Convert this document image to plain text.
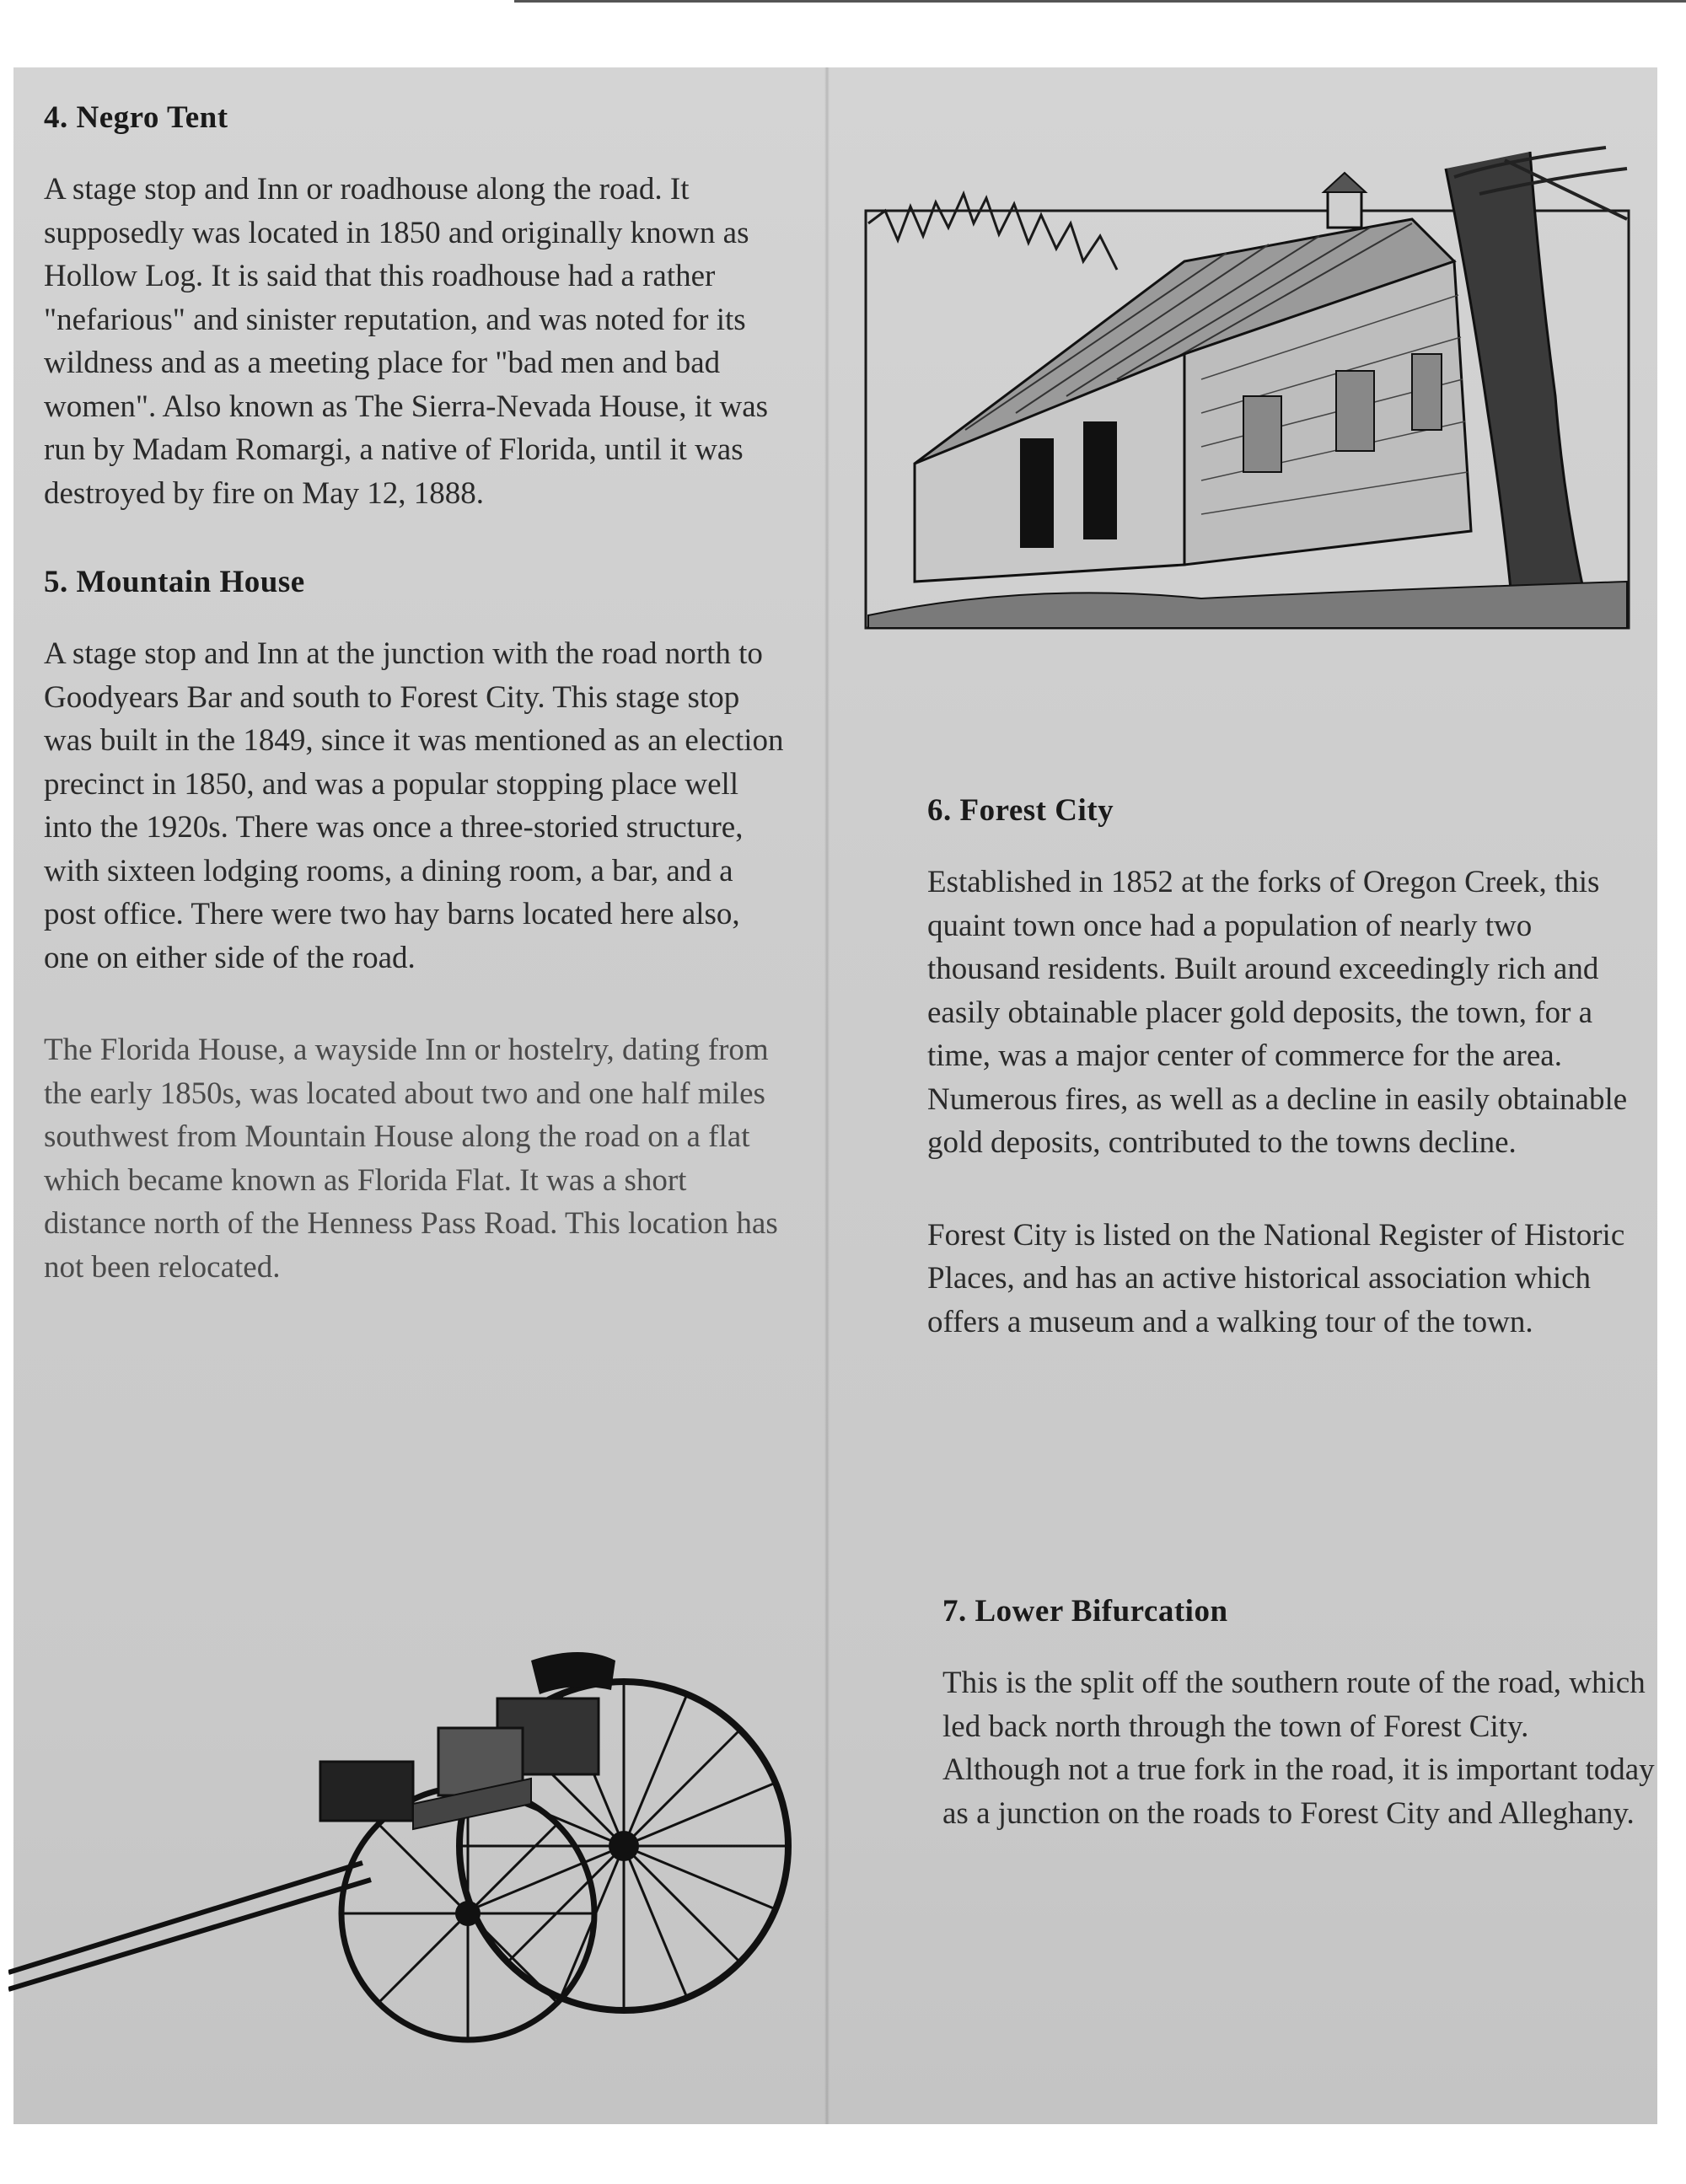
4. Negro Tent

A stage stop and Inn or roadhouse along the road. It supposedly was located in 1850 and originally known as Hollow Log. It is said that this roadhouse had a rather "nefarious" and sinister reputation, and was noted for its wildness and as a meeting place for "bad men and bad women". Also known as The Sierra-Nevada House, it was run by Madam Romargi, a native of Florida, until it was destroyed by fire on May 12, 1888.

5. Mountain House

A stage stop and Inn at the junction with the road north to Goodyears Bar and south to Forest City. This stage stop was built in the 1849, since it was mentioned as an election precinct in 1850, and was a popular stopping place well into the 1920s. There was once a three-storied structure, with sixteen lodging rooms, a dining room, a bar, and a post office. There were two hay barns located here also, one on either side of the road.

The Florida House, a wayside Inn or hostelry, dating from the early 1850s, was located about two and one half miles southwest from Mountain House along the road on a flat which became known as Florida Flat. It was a short distance north of the Henness Pass Road. This location has not been relocated.

6. Forest City

Established in 1852 at the forks of Oregon Creek, this quaint town once had a population of nearly two thousand residents. Built around exceedingly rich and easily obtainable placer gold deposits, the town, for a time, was a major center of commerce for the area. Numerous fires, as well as a decline in easily obtainable gold deposits, contributed to the towns decline.

Forest City is listed on the National Register of Historic Places, and has an active historical association which offers a museum and a walking tour of the town.

7. Lower Bifurcation

This is the split off the southern route of the road, which led back north through the town of Forest City.

Although not a true fork in the road, it is important today as a junction on the roads to Forest City and Alleghany.
